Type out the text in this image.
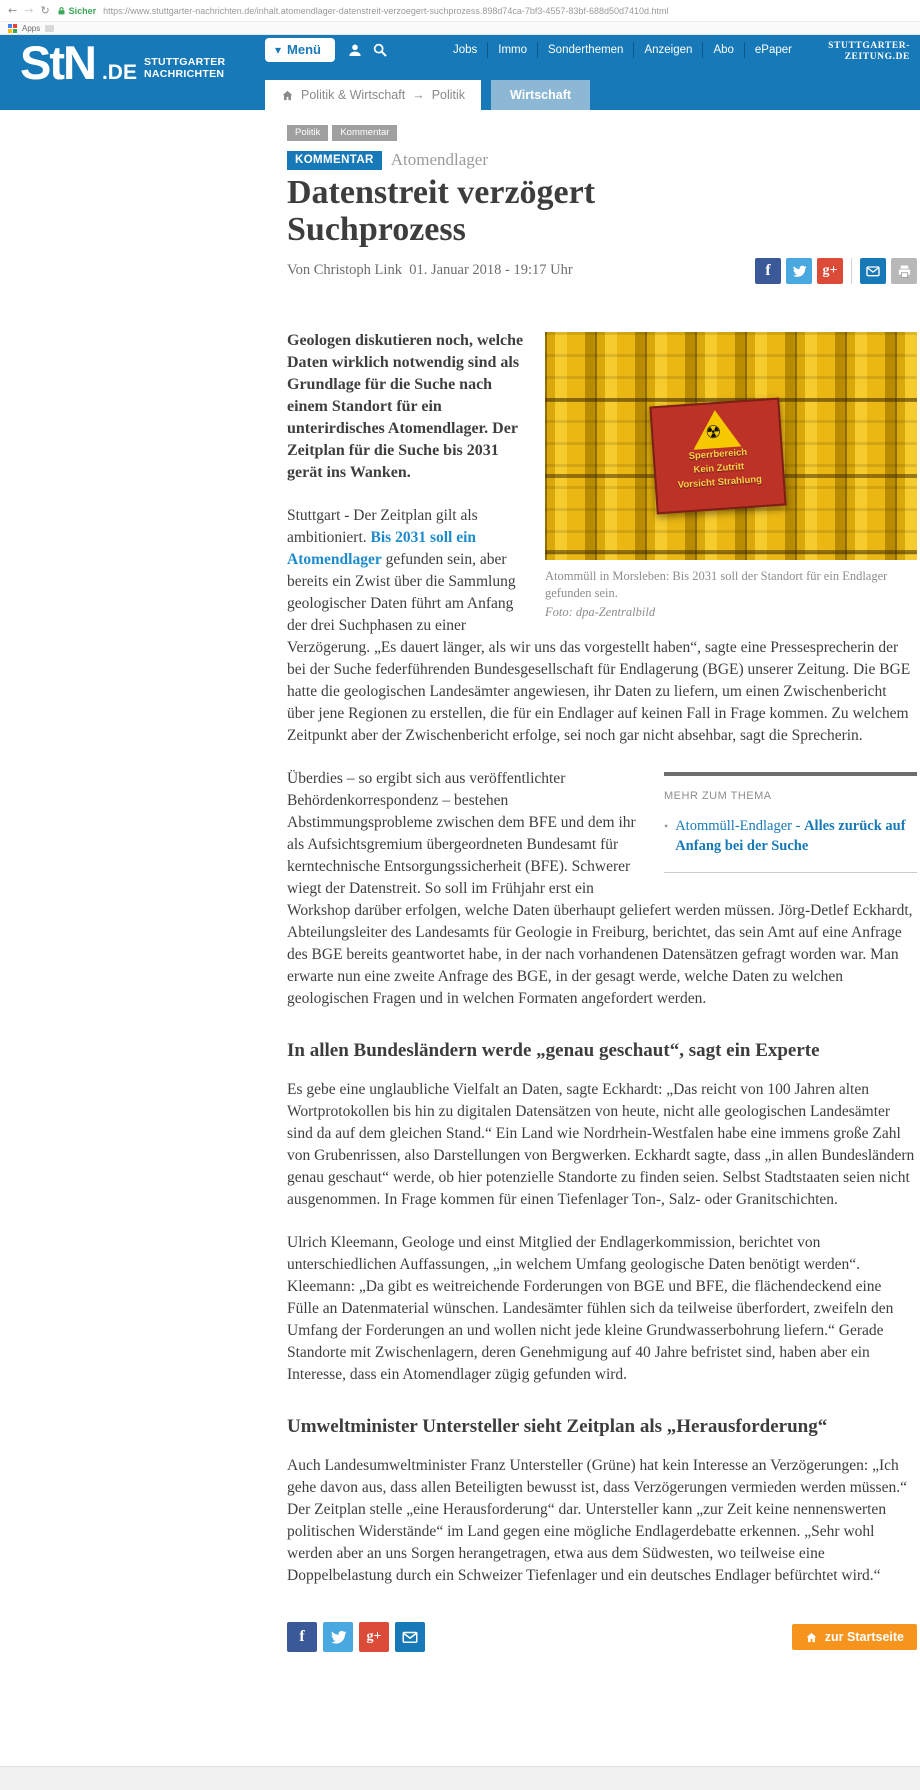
← → ↻ Sicher https://www.stuttgarter-nachrichten.de/inhalt.atomendlager-datenstreit-verzoegert-suchprozess.898d74ca-7bf3-4557-83bf-688d50d7410d.html
Apps
StN .DE STUTTGARTER
NACHRICHTEN
▾ Menü	Jobs	Immo	Sonderthemen	Anzeigen	Abo	ePaper	STUTTGARTER-
ZEITUNG.DE
Politik & Wirtschaft → Politik	Wirtschaft
Politik	Kommentar
KOMMENTAR	Atomendlager
Datenstreit verzögert Suchprozess
Von Christoph Link 01. Januar 2018 - 19:17 Uhr	f	g+
☢
Sperrbereich
Kein Zutritt
Vorsicht Strahlung
Atommüll in Morsleben: Bis 2031 soll der Standort für ein Endlager gefunden sein.
Foto: dpa-Zentralbild

Geologen diskutieren noch, welche Daten wirklich notwendig sind als Grundlage für die Suche nach einem Standort für ein unterirdisches Atomendlager. Der Zeitplan für die Suche bis 2031 gerät ins Wanken.

Stuttgart - Der Zeitplan gilt als ambitioniert. Bis 2031 soll ein Atomendlager gefunden sein, aber bereits ein Zwist über die Sammlung geologischer Daten führt am Anfang der drei Suchphasen zu einer Verzögerung. „Es dauert länger, als wir uns das vorgestellt haben“, sagte eine Pressesprecherin der bei der Suche federführenden Bundesgesellschaft für Endlagerung (BGE) unserer Zeitung. Die BGE hatte die geologischen Landesämter angewiesen, ihr Daten zu liefern, um einen Zwischenbericht über jene Regionen zu erstellen, die für ein Endlager auf keinen Fall in Frage kommen. Zu welchem Zeitpunkt aber der Zwischenbericht erfolge, sei noch gar nicht absehbar, sagt die Sprecherin.

MEHR ZUM THEMA
• Atommüll-Endlager - Alles zurück auf Anfang bei der Suche

Überdies – so ergibt sich aus veröffentlichter Behördenkorrespondenz – bestehen Abstimmungsprobleme zwischen dem BFE und dem ihr als Aufsichtsgremium übergeordneten Bundesamt für kerntechnische Entsorgungssicherheit (BFE). Schwerer wiegt der Datenstreit. So soll im Frühjahr erst ein Workshop darüber erfolgen, welche Daten überhaupt geliefert werden müssen. Jörg-Detlef Eckhardt, Abteilungsleiter des Landesamts für Geologie in Freiburg, berichtet, das sein Amt auf eine Anfrage des BGE bereits geantwortet habe, in der nach vorhandenen Datensätzen gefragt worden war. Man erwarte nun eine zweite Anfrage des BGE, in der gesagt werde, welche Daten zu welchen geologischen Fragen und in welchen Formaten angefordert werden.

In allen Bundesländern werde „genau geschaut“, sagt ein Experte

Es gebe eine unglaubliche Vielfalt an Daten, sagte Eckhardt: „Das reicht von 100 Jahren alten Wortprotokollen bis hin zu digitalen Datensätzen von heute, nicht alle geologischen Landesämter sind da auf dem gleichen Stand.“ Ein Land wie Nordrhein-Westfalen habe eine immens große Zahl von Grubenrissen, also Darstellungen von Bergwerken. Eckhardt sagte, dass „in allen Bundesländern genau geschaut“ werde, ob hier potenzielle Standorte zu finden seien. Selbst Stadtstaaten seien nicht ausgenommen. In Frage kommen für einen Tiefenlager Ton-, Salz- oder Granitschichten.

Ulrich Kleemann, Geologe und einst Mitglied der Endlagerkommission, berichtet von unterschiedlichen Auffassungen, „in welchem Umfang geologische Daten benötigt werden“. Kleemann: „Da gibt es weitreichende Forderungen von BGE und BFE, die flächendeckend eine Fülle an Datenmaterial wünschen. Landesämter fühlen sich da teilweise überfordert, zweifeln den Umfang der Forderungen an und wollen nicht jede kleine Grundwasserbohrung liefern.“ Gerade Standorte mit Zwischenlagern, deren Genehmigung auf 40 Jahre befristet sind, haben aber ein Interesse, dass ein Atomendlager zügig gefunden wird.

Umweltminister Untersteller sieht Zeitplan als „Herausforderung“

Auch Landesumweltminister Franz Untersteller (Grüne) hat kein Interesse an Verzögerungen: „Ich gehe davon aus, dass allen Beteiligten bewusst ist, dass Verzögerungen vermieden werden müssen.“ Der Zeitplan stelle „eine Herausforderung“ dar. Untersteller kann „zur Zeit keine nennenswerten politischen Widerstände“ im Land gegen eine mögliche Endlagerdebatte erkennen. „Sehr wohl werden aber an uns Sorgen herangetragen, etwa aus dem Südwesten, wo teilweise eine Doppelbelastung durch ein Schweizer Tiefenlager und ein deutsches Endlager befürchtet wird.“

f	g+	zur Startseite
